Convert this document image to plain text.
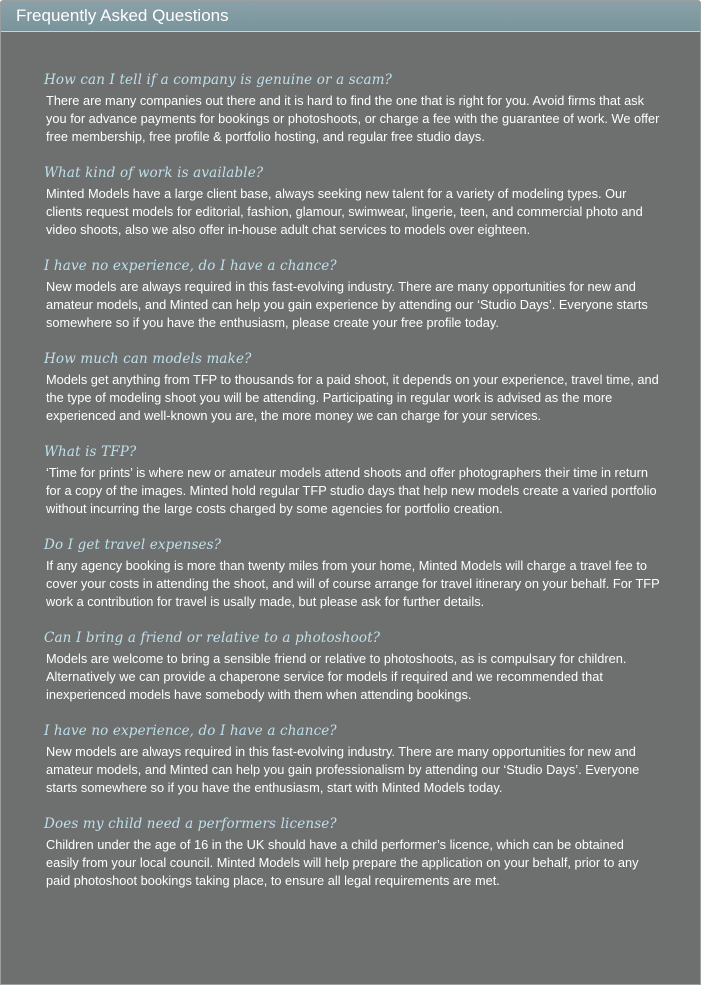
Frequently Asked Questions
How can I tell if a company is genuine or a scam?
There are many companies out there and it is hard to find the one that is right for you. Avoid firms that ask you for advance payments for bookings or photoshoots, or charge a fee with the guarantee of work. We offer free membership, free profile & portfolio hosting, and regular free studio days.
What kind of work is available?
Minted Models have a large client base, always seeking new talent for a variety of modeling types. Our clients request models for editorial, fashion, glamour, swimwear, lingerie, teen, and commercial photo and video shoots, also we also offer in-house adult chat services to models over eighteen.
I have no experience, do I have a chance?
New models are always required in this fast-evolving industry. There are many opportunities for new and amateur models, and Minted can help you gain experience by attending our ‘Studio Days’. Everyone starts somewhere so if you have the enthusiasm, please create your free profile today.
How much can models make?
Models get anything from TFP to thousands for a paid shoot, it depends on your experience, travel time, and the type of modeling shoot you will be attending. Participating in regular work is advised as the more experienced and well-known you are, the more money we can charge for your services.
What is TFP?
‘Time for prints’ is where new or amateur models attend shoots and offer photographers their time in return for a copy of the images. Minted hold regular TFP studio days that help new models create a varied portfolio without incurring the large costs charged by some agencies for portfolio creation.
Do I get travel expenses?
If any agency booking is more than twenty miles from your home, Minted Models will charge a travel fee to cover your costs in attending the shoot, and will of course arrange for travel itinerary on your behalf. For TFP work a contribution for travel is usally made, but please ask for further details.
Can I bring a friend or relative to a photoshoot?
Models are welcome to bring a sensible friend or relative to photoshoots, as is compulsary for children. Alternatively we can provide a chaperone service for models if required and we recommended that inexperienced models have somebody with them when attending bookings.
I have no experience, do I have a chance?
New models are always required in this fast-evolving industry. There are many opportunities for new and amateur models, and Minted can help you gain professionalism by attending our ‘Studio Days’. Everyone starts somewhere so if you have the enthusiasm, start with Minted Models today.
Does my child need a performers license?
Children under the age of 16 in the UK should have a child performer’s licence, which can be obtained easily from your local council. Minted Models will help prepare the application on your behalf, prior to any paid photoshoot bookings taking place, to ensure all legal requirements are met.
